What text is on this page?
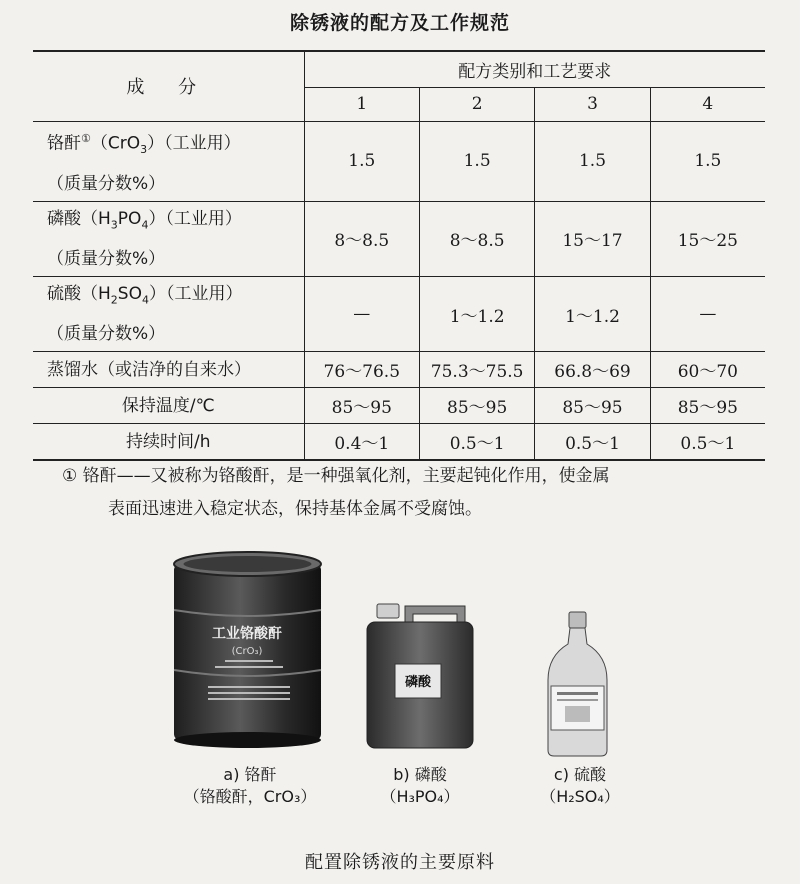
除锈液的配方及工作规范
成 分	配方类别和工艺要求			
	1	2	3	4

铬酐①（CrO$_3$）（工业用）
（质量分数%）	1.5	1.5	1.5	1.5

磷酸$(H_3PO_4)$（工业用）
（质量分数%）	8～8.5	8～8.5	15～17	15～25

硫酸$(H_2SO_4)$（工业用）
（质量分数%）	—	1～1.2	1～1.2	—
蒸馏水（或洁净的自来水）	76～76.5	75.3～75.5	66.8～69	60～70
保持温度/℃	85～95	85～95	85～95	85～95
持续时间/h	0.4～1	0.5～1	0.5～1	0.5～1
① 铬酐——又被称为铬酸酐，是一种强氧化剂，主要起钝化作用，使金属
表面迅速进入稳定状态，保持基体金属不受腐蚀。
工业铬酸酐
(CrO₃)
磷酸
a) 铬酐
（铬酸酐，CrO₃）
b) 磷酸
（H₃PO₄）
c) 硫酸
（H₂SO₄）
配置除锈液的主要原料
